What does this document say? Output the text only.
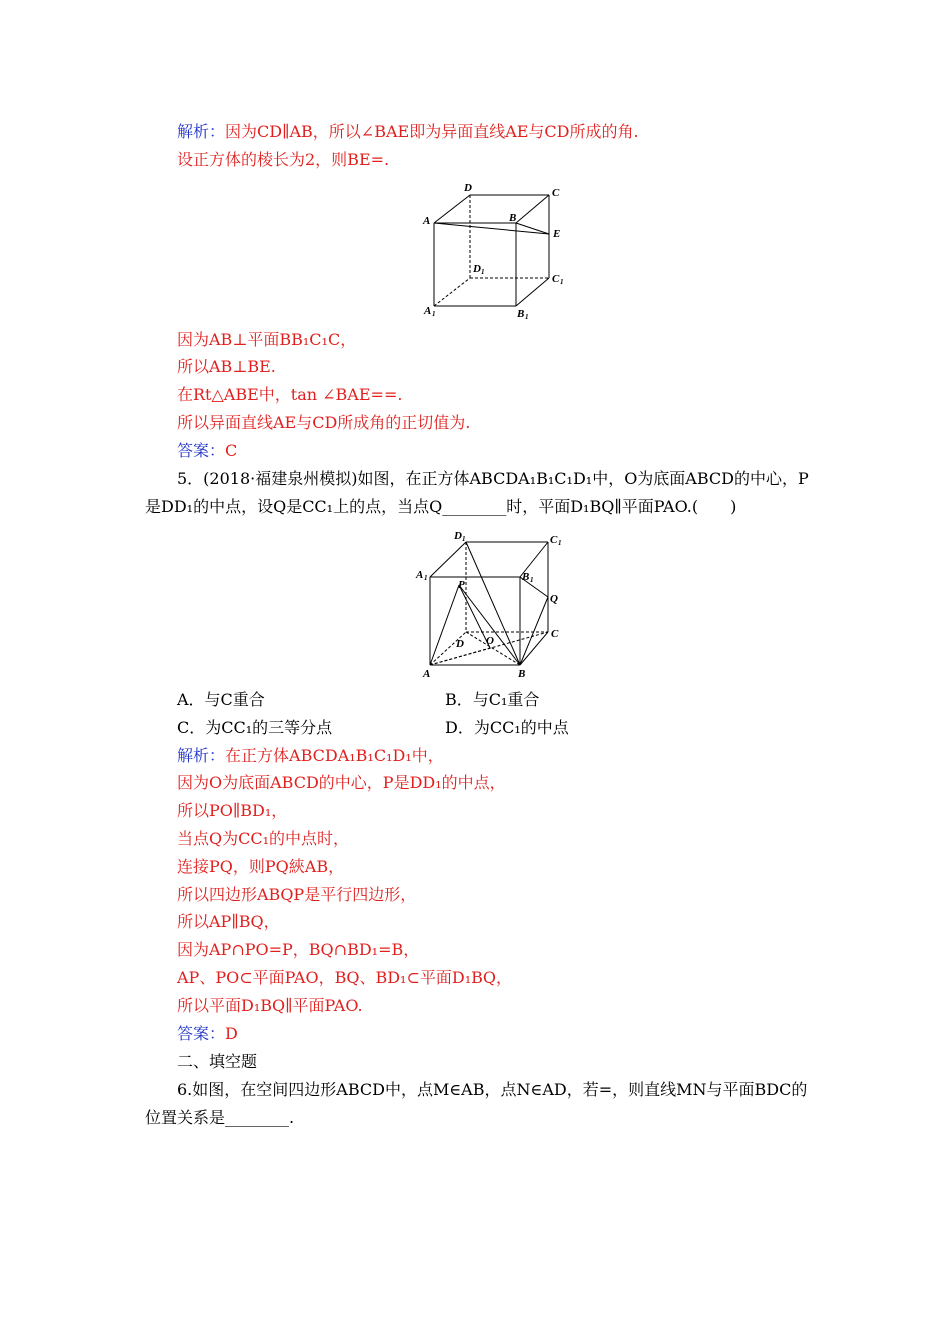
解析：因为CD∥AB，所以∠BAE即为异面直线AE与CD所成的角.
设正方体的棱长为2，则BE=.
D	C
A	B
E
D 1
C 1
A 1	B 1
因为AB⊥平面BB₁C₁C，
所以AB⊥BE.
在Rt△ABE中，tan ∠BAE==.
所以异面直线AE与CD所成角的正切值为.
答案：C
5．(2018·福建泉州模拟)如图，在正方体ABCDA₁B₁C₁D₁中，O为底面ABCD的中心，P
是DD₁的中点，设Q是CC₁上的点，当点Q________时，平面D₁BQ∥平面PAO.(　　)
D 1	C 1
A 1	B 1
P
Q
O
D
C
A	B
A．与C重合	B．与C₁重合
C．为CC₁的三等分点	D．为CC₁的中点
解析：在正方体ABCDA₁B₁C₁D₁中，
因为O为底面ABCD的中心，P是DD₁的中点，
所以PO∥BD₁，
当点Q为CC₁的中点时，
连接PQ，则PQ綊AB，
所以四边形ABQP是平行四边形，
所以AP∥BQ，
因为AP∩PO=P，BQ∩BD₁=B，
AP、PO⊂平面PAO，BQ、BD₁⊂平面D₁BQ，
所以平面D₁BQ∥平面PAO.
答案：D
二、填空题
6.如图，在空间四边形ABCD中，点M∈AB，点N∈AD，若=，则直线MN与平面BDC的
位置关系是________.
